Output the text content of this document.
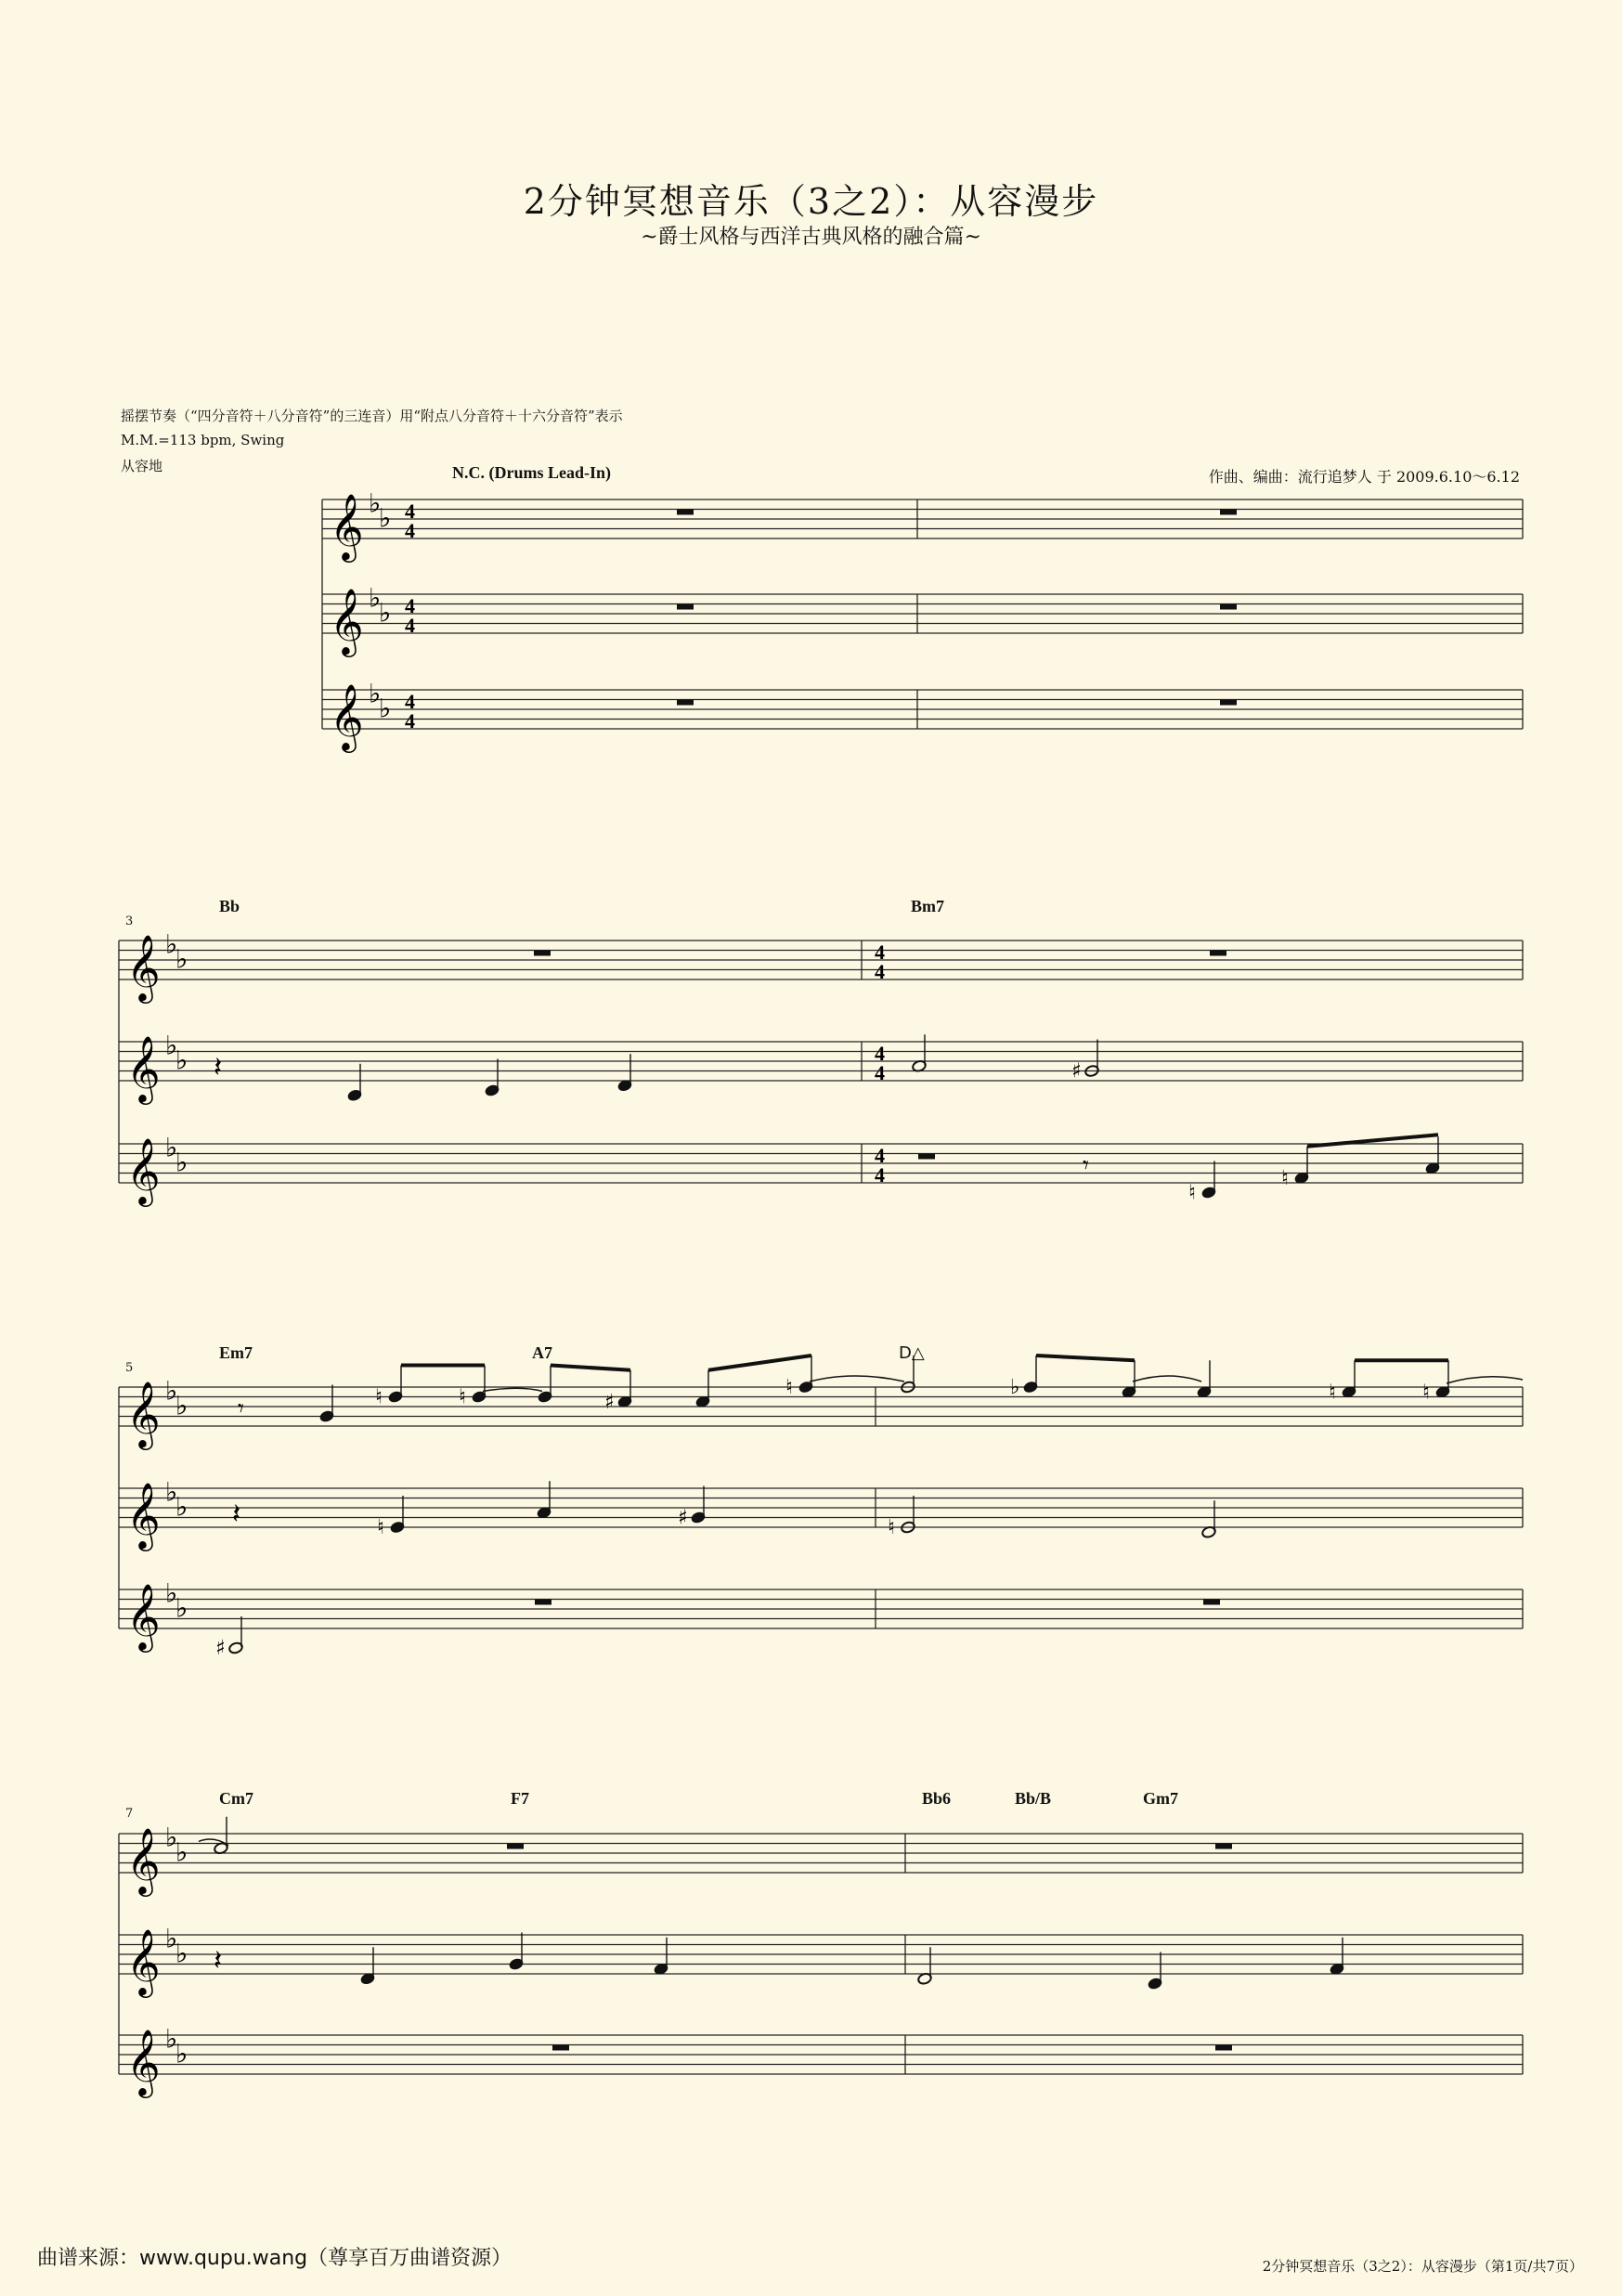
2分钟冥想音乐（3之2）：从容漫步
~爵士风格与西洋古典风格的融合篇~
摇摆节奏（“四分音符＋八分音符”的三连音）用“附点八分音符＋十六分音符”表示
M.M.=113 bpm, Swing
从容地
作曲、编曲：流行追梦人 于 2009.6.10～6.12
N.C. (Drums Lead-In)
Bb	Bm7
Em7	A7	D△
Cm7	F7	Bb6	Bb/B	Gm7
3
5
7
𝄞 ♭
♭ 4
4
𝄞 ♭
♭ 4
4
𝄞 ♭
♭ 4
4
𝄞 ♭
♭	4
4
𝄞 ♭
♭	4
4
𝄞 ♭
♭	4
4
𝄽	♯
𝄾
♮
♮
𝄞 ♭
♭
𝄞 ♭
♭
𝄞 ♭
♭
𝄾	♮	♮	♯
♮	♭	♮	♮
𝄽	♮	♯	♮
♯
𝄞 ♭
♭
𝄞 ♭
♭
𝄞 ♭
♭
𝄽
曲谱来源：www.qupu.wang（尊享百万曲谱资源）	2分钟冥想音乐（3之2）：从容漫步（第1页/共7页）
